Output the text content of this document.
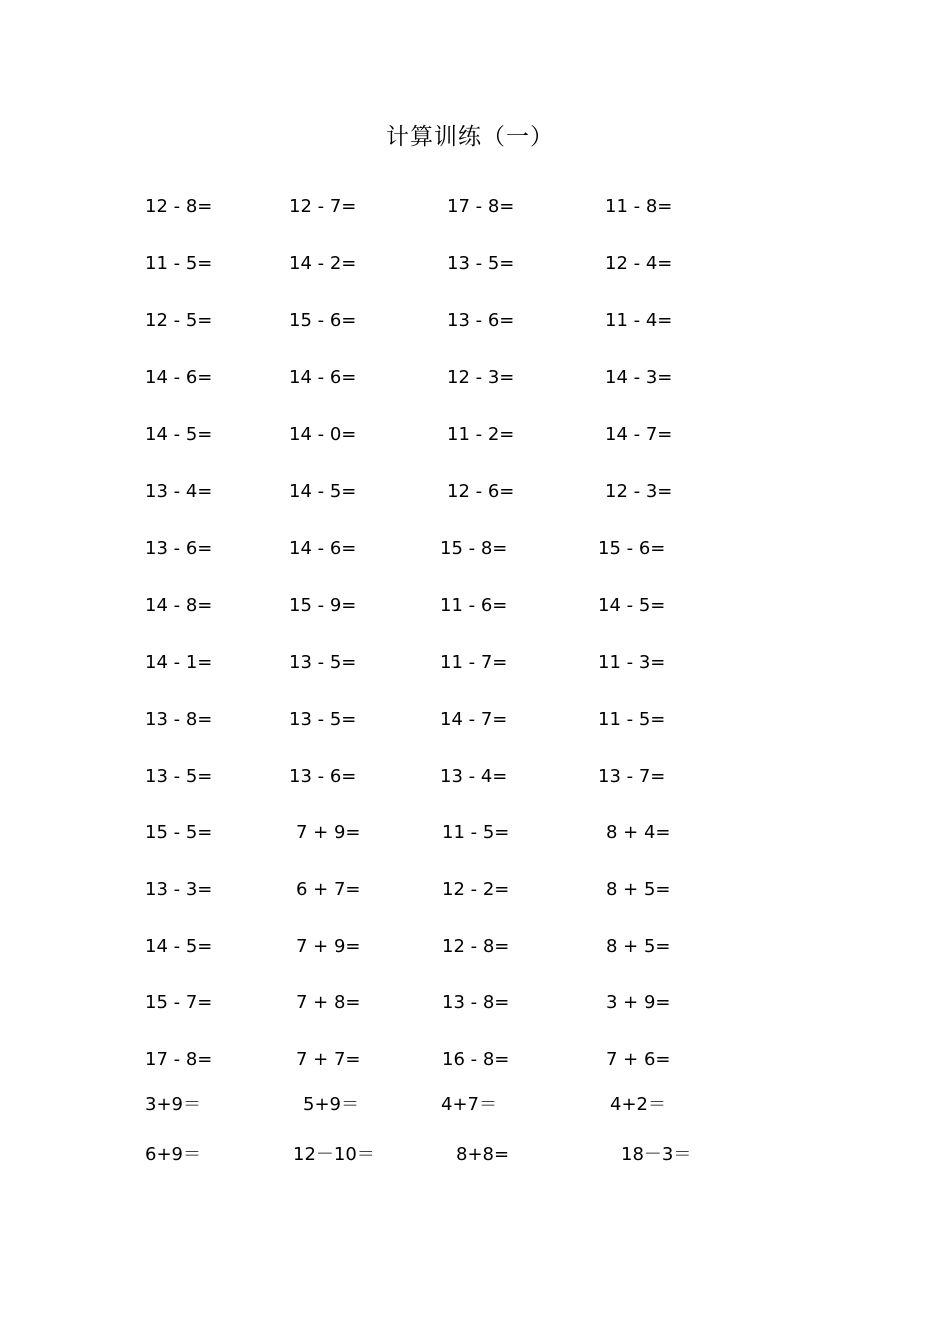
计算训练（一）
12 - 8=	12 - 7=	17 - 8=	11 - 8=
11 - 5=	14 - 2=	13 - 5=	12 - 4=
12 - 5=	15 - 6=	13 - 6=	11 - 4=
14 - 6=	14 - 6=	12 - 3=	14 - 3=
14 - 5=	14 - 0=	11 - 2=	14 - 7=
13 - 4=	14 - 5=	12 - 6=	12 - 3=
13 - 6=	14 - 6=	15 - 8=	15 - 6=
14 - 8=	15 - 9=	11 - 6=	14 - 5=
14 - 1=	13 - 5=	11 - 7=	11 - 3=
13 - 8=	13 - 5=	14 - 7=	11 - 5=
13 - 5=	13 - 6=	13 - 4=	13 - 7=
15 - 5=	7 + 9=	11 - 5=	8 + 4=
13 - 3=	6 + 7=	12 - 2=	8 + 5=
14 - 5=	7 + 9=	12 - 8=	8 + 5=
15 - 7=	7 + 8=	13 - 8=	3 + 9=
17 - 8=	7 + 7=	16 - 8=	7 + 6=
3+9＝	5+9＝	4+7＝	4+2＝
6+9＝	12－10＝	8+8=	18－3＝
